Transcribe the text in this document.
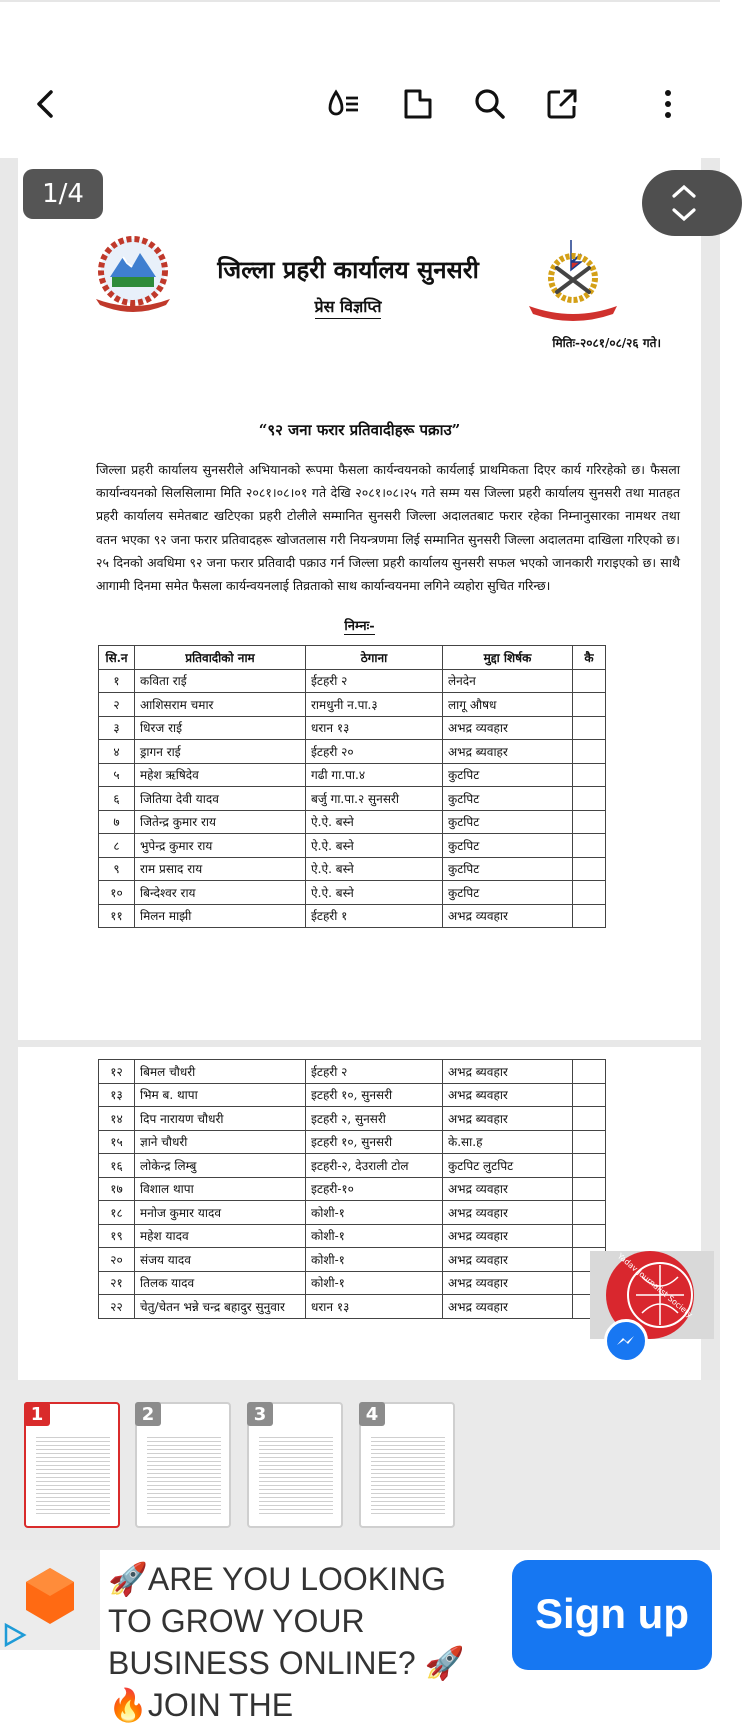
1/4
जिल्ला प्रहरी कार्यालय सुनसरी
प्रेस विज्ञप्ति
मितिः-२०८१/०८/२६ गते।
“९२ जना फरार प्रतिवादीहरू पक्राउ”
जिल्ला प्रहरी कार्यालय सुनसरीले अभियानको रूपमा फैसला कार्यन्वयनको कार्यलाई प्राथमिकता दिएर कार्य गरिरहेको छ। फैसला कार्यान्वयनको सिलसिलामा मिति २०८१।०८।०१ गते देखि २०८१।०८।२५ गते सम्म यस जिल्ला प्रहरी कार्यालय सुनसरी तथा मातहत प्रहरी कार्यालय समेतबाट खटिएका प्रहरी टोलीले सम्मानित सुनसरी जिल्ला अदालतबाट फरार रहेका निम्नानुसारका नामथर तथा वतन भएका ९२ जना फरार प्रतिवादहरू खोजतलास गरी नियन्त्रणमा लिई सम्मानित सुनसरी जिल्ला अदालतमा दाखिला गरिएको छ। २५ दिनको अवधिमा ९२ जना फरार प्रतिवादी पक्राउ गर्न जिल्ला प्रहरी कार्यालय सुनसरी सफल भएको जानकारी गराइएको छ। साथै आगामी दिनमा समेत फैसला कार्यन्वयनलाई तिव्रताको साथ कार्यान्वयनमा लगिने व्यहोरा सुचित गरिन्छ।
निम्नः-
सि.न	प्रतिवादीको नाम	ठेगाना	मुद्दा शिर्षक	कै
१	कविता राई	ईटहरी २	लेनदेन	
२	आशिसराम चमार	रामधुनी न.पा.३	लागू औषध	
३	धिरज राई	धरान १३	अभद्र व्यवहार	
४	ड्रागन राई	ईटहरी २०	अभद्र ब्यवाहर	
५	महेश ऋषिदेव	गढी गा.पा.४	कुटपिट	
६	जितिया देवी यादव	बर्जु गा.पा.२ सुनसरी	कुटपिट	
७	जितेन्द्र कुमार राय	ऐ.ऐ. बस्ने	कुटपिट	
८	भुपेन्द्र कुमार राय	ऐ.ऐ. बस्ने	कुटपिट	
९	राम प्रसाद राय	ऐ.ऐ. बस्ने	कुटपिट	
१०	बिन्देश्वर राय	ऐ.ऐ. बस्ने	कुटपिट	
११	मिलन माझी	ईटहरी १	अभद्र व्यवहार	
१२	बिमल चौधरी	ईटहरी २	अभद्र ब्यवहार	
१३	भिम ब. थापा	इटहरी १०, सुनसरी	अभद्र ब्यवहार	
१४	दिप नारायण चौधरी	इटहरी २, सुनसरी	अभद्र ब्यवहार	
१५	ज्ञाने चौधरी	इटहरी १०, सुनसरी	के.सा.ह	
१६	लोकेन्द्र लिम्बु	इटहरी-२, देउराली टोल	कुटपिट लुटपिट	
१७	विशाल थापा	इटहरी-१०	अभद्र व्यवहार	
१८	मनोज कुमार यादव	कोशी-१	अभद्र व्यवहार	
१९	महेश यादव	कोशी-१	अभद्र व्यवहार	
२०	संजय यादव	कोशी-१	अभद्र व्यवहार	
२१	तिलक यादव	कोशी-१	अभद्र व्यवहार	
२२	चेतु/चेतन भन्ने चन्द्र बहादुर सुनुवार	धरान १३	अभद्र व्यवहार		Yadav Journalist Society
1	2	3	4
🚀ARE YOU LOOKING TO GROW YOUR BUSINESS ONLINE? 🚀🔥JOIN THE
Sign up
